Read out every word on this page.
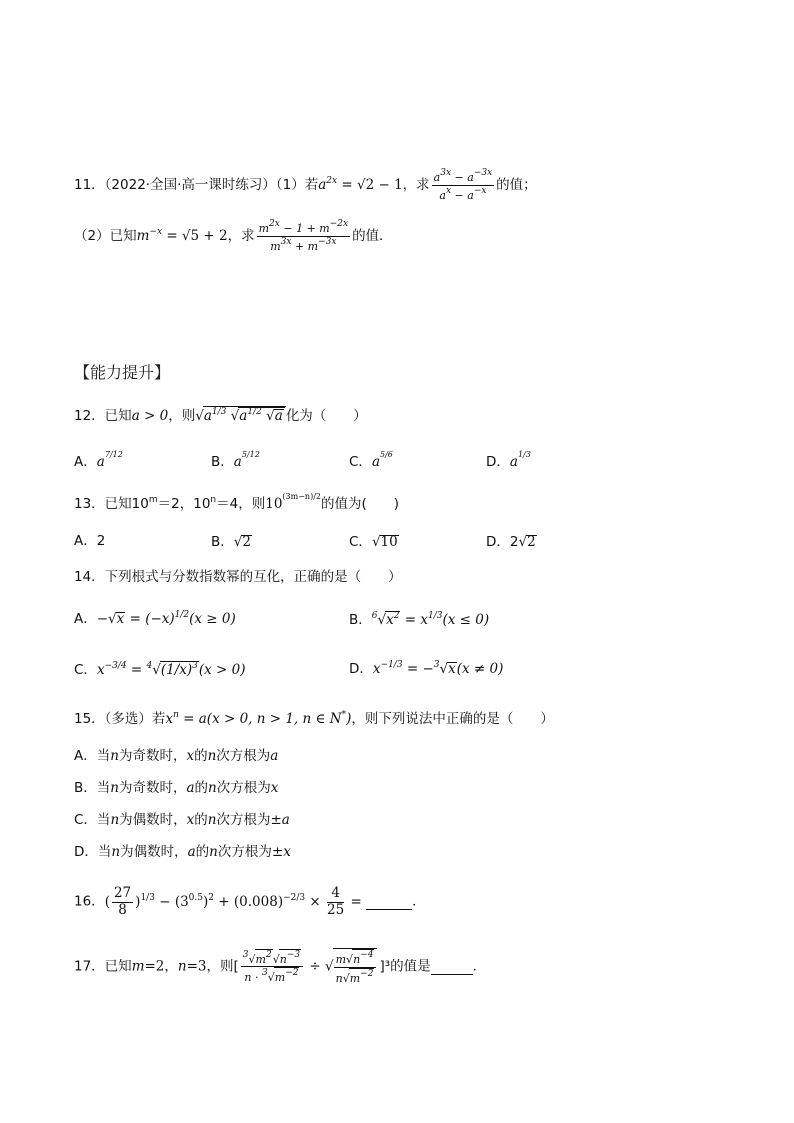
11．（2022·全国·高一课时练习）（1）若$a^{2x} = √2 - 1$，求 $\frac{a^{3x} - a^{-3x}}{a^x - a^{-x}}$ 的值；
（2）已知$m^{-x} = √5 + 2$，求 $\frac{m^{2x} - 1 + m^{-2x}}{m^{3x} + m^{-3x}}$ 的值．
【能力提升】
12．已知a > 0，则$√a^{1/3}$ $√a^{1/2}$ √a 化为（　　）
A．$a^{7/12}$	B．$a^{5/12}$	C．$a^{5/6}$	D．$a^{1/3}$
13．已知$10^m=2$，$10^n=4$，则$10^{(3m-n)/2}$的值为(　　)
A．2	B．√2	C．√10	D．2√2
14．下列根式与分数指数幂的互化，正确的是（　　）
A．$-√x = (-x)^{1/2}(x \ge 0)$	B．$^6√x^2 = x^{1/3}(x \le 0)$
C．$x^{-3/4} = ^4√(1/x)^3(x > 0)$	D．$x^{-1/3} = -^3√x(x \ne 0)$
15．（多选）若$x^n = a(x > 0$, n > 1, n ∈ N*)，则下列说法中正确的是（　　）
A．当n为奇数时，x的n次方根为a
B．当n为奇数时，a的n次方根为x
C．当n为偶数时，x的n次方根为±a
D．当n为偶数时，a的n次方根为±x
16．( $\frac{27}{8} )^{1/3} - (3^{0.5})^2 + (0.008)^{-2/3} \times \frac{4}{25}$ =	．
17．已知m=2，n=3，则[ $\frac{^3√m^2√n^{-3}}{n \cdot ^3√m^{-2}}$ ÷ √ $\frac{m√n^{-4}}{n√m^{-2}} ]^3$的值是	．
